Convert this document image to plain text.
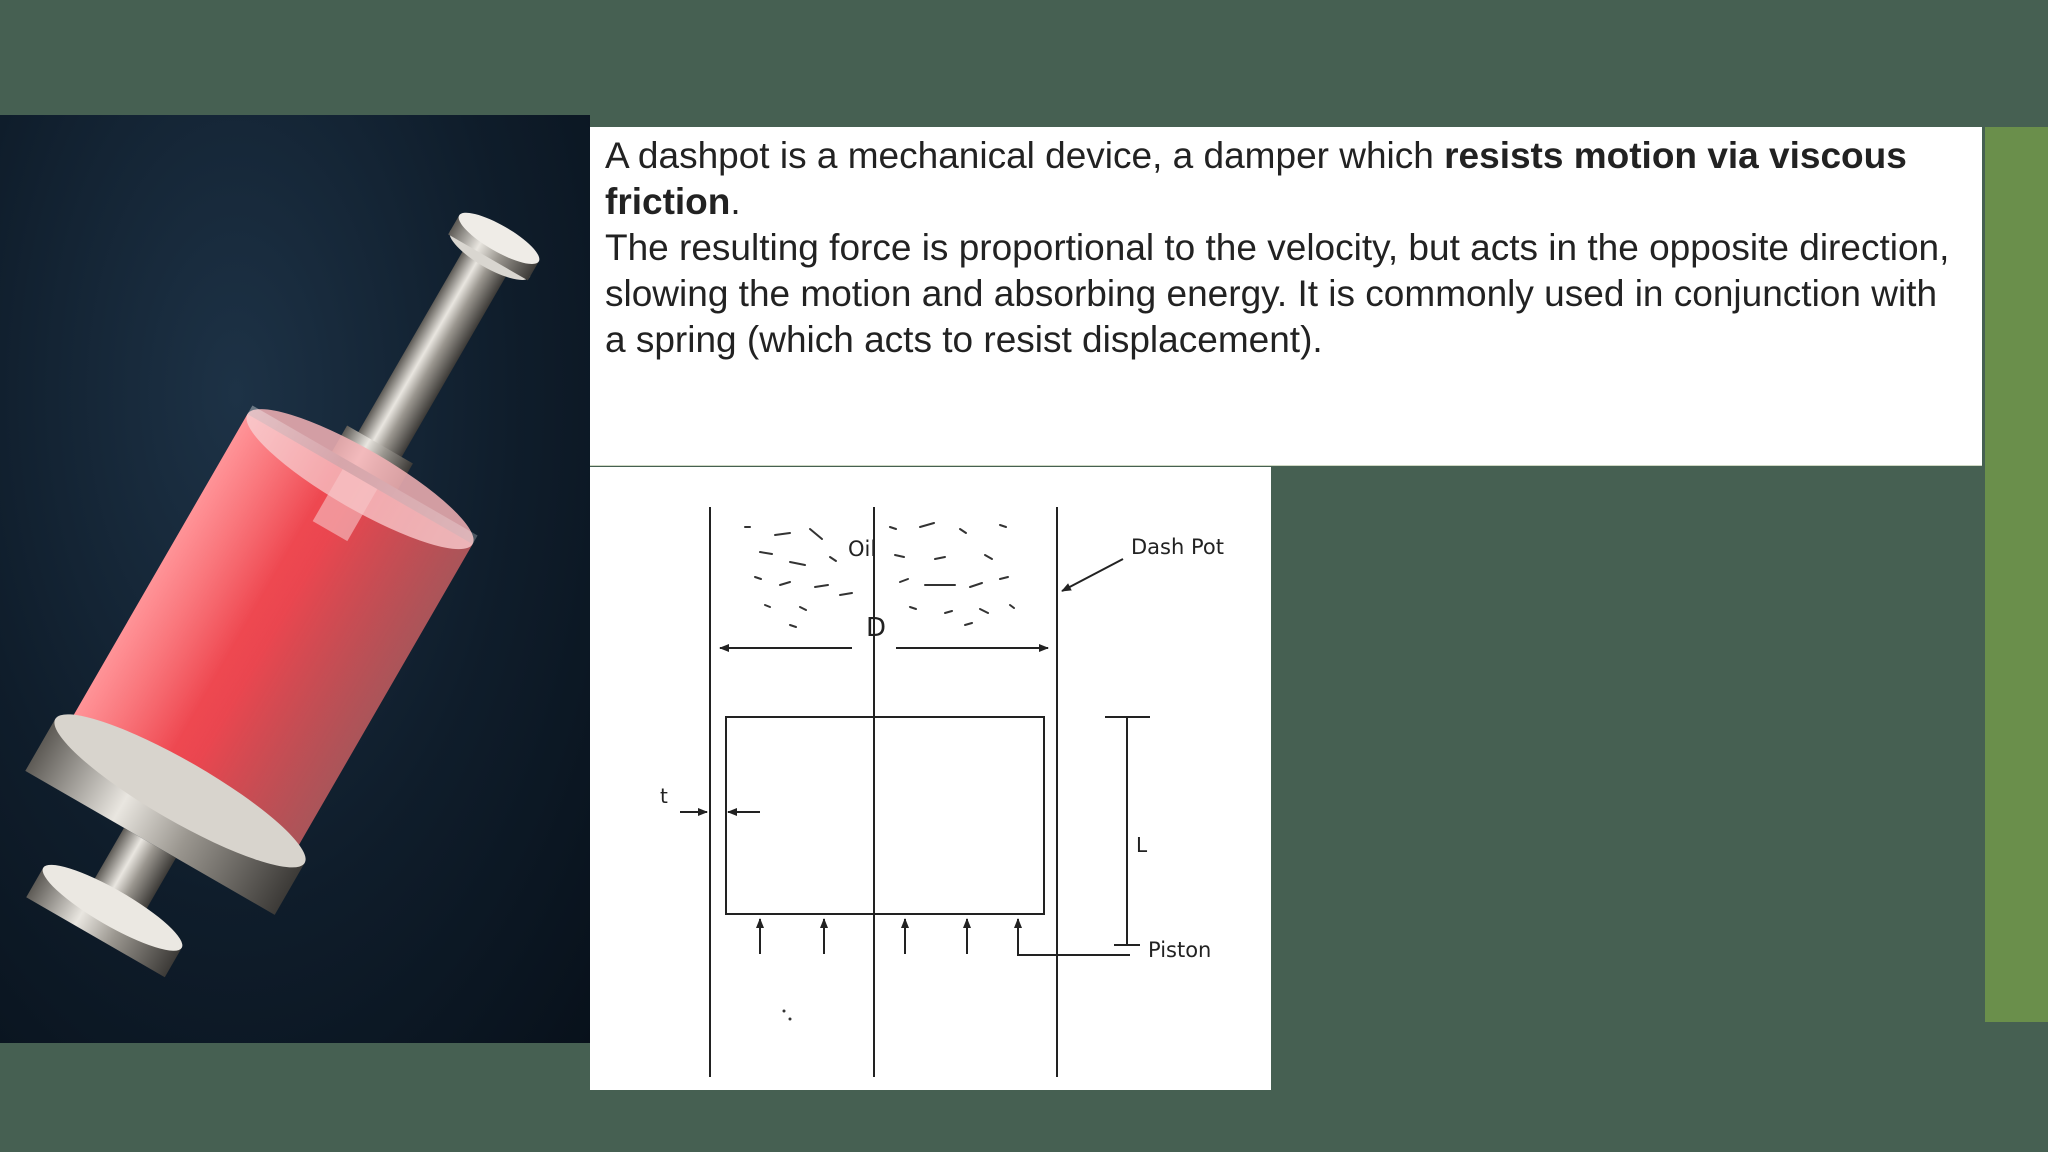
A dashpot is a mechanical device, a damper which resists motion via viscous friction.

The resulting force is proportional to the velocity, but acts in the opposite direction,

slowing the motion and absorbing energy. It is commonly used in conjunction with

a spring (which acts to resist displacement).

Oil	Dash Pot
D
t
L
Piston
